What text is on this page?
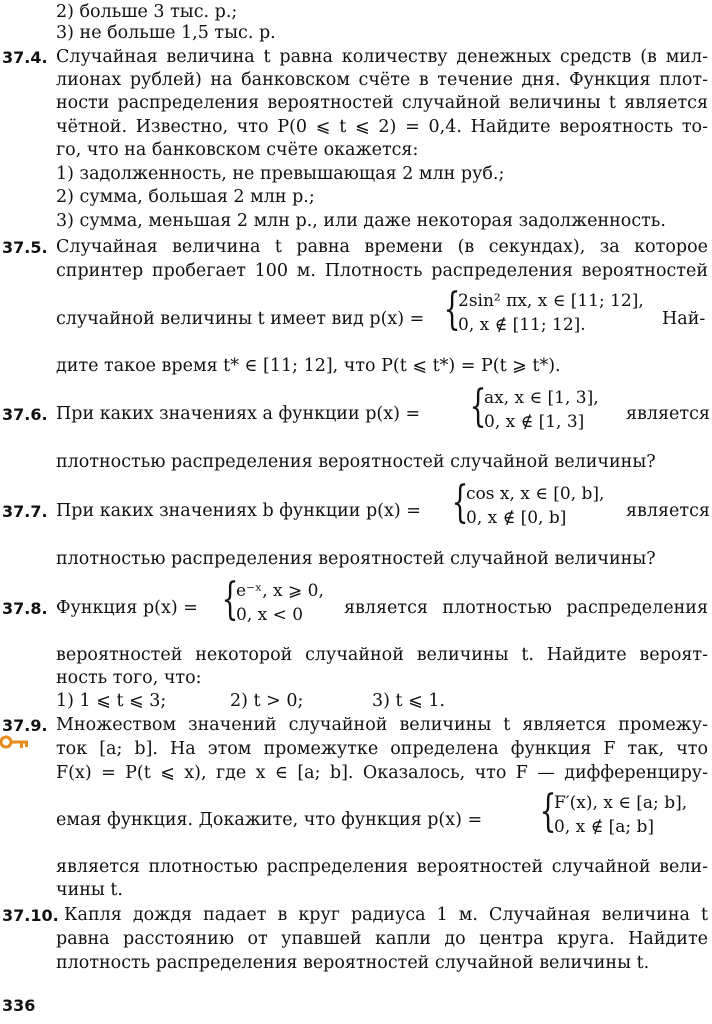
2) больше 3 тыс. р.;
3) не больше 1,5 тыс. р.
37.4. Случайная величина t равна количеству денежных средств (в мил-
лионах рублей) на банковском счёте в течение дня. Функция плот-
ности распределения вероятностей случайной величины t является
чётной. Известно, что P(0 ⩽ t ⩽ 2) = 0,4. Найдите вероятность то-
го, что на банковском счёте окажется:
1) задолженность, не превышающая 2 млн руб.;
2) сумма, большая 2 млн р.;
3) сумма, меньшая 2 млн р., или даже некоторая задолженность.
37.5. Случайная величина t равна времени (в секундах), за которое
спринтер пробегает 100 м. Плотность распределения вероятностей
случайной величины t имеет вид p(x) = {
2sin² πx, x ∈ [11; 12],
0, x ∉ [11; 12].	Най-
дите такое время t* ∈ [11; 12], что P(t ⩽ t*) = P(t ⩾ t*).
37.6. При каких значениях a функции p(x) = {
ax, x ∈ [1, 3],
0, x ∉ [1, 3] является
плотностью распределения вероятностей случайной величины?
37.7. При каких значениях b функции p(x) = {
cos x, x ∈ [0, b],
0, x ∉ [0, b]	является
плотностью распределения вероятностей случайной величины?
37.8. Функция p(x) = {
e⁻ˣ, x ⩾ 0,
0, x < 0 является плотностью распределения
вероятностей некоторой случайной величины t. Найдите вероят-
ность того, что:
1) 1 ⩽ t ⩽ 3;	2) t > 0;	3) t ⩽ 1.
37.9. Множеством значений случайной величины t является промежу-
ток [a; b]. На этом промежутке определена функция F так, что
F(x) = P(t ⩽ x), где x ∈ [a; b]. Оказалось, что F — дифференциру-
емая функция. Докажите, что функция p(x) = {
F′(x), x ∈ [a; b],
0, x ∉ [a; b]
является плотностью распределения вероятностей случайной вели-
чины t.
37.10. Капля дождя падает в круг радиуса 1 м. Случайная величина t
равна расстоянию от упавшей капли до центра круга. Найдите
плотность распределения вероятностей случайной величины t.
336
